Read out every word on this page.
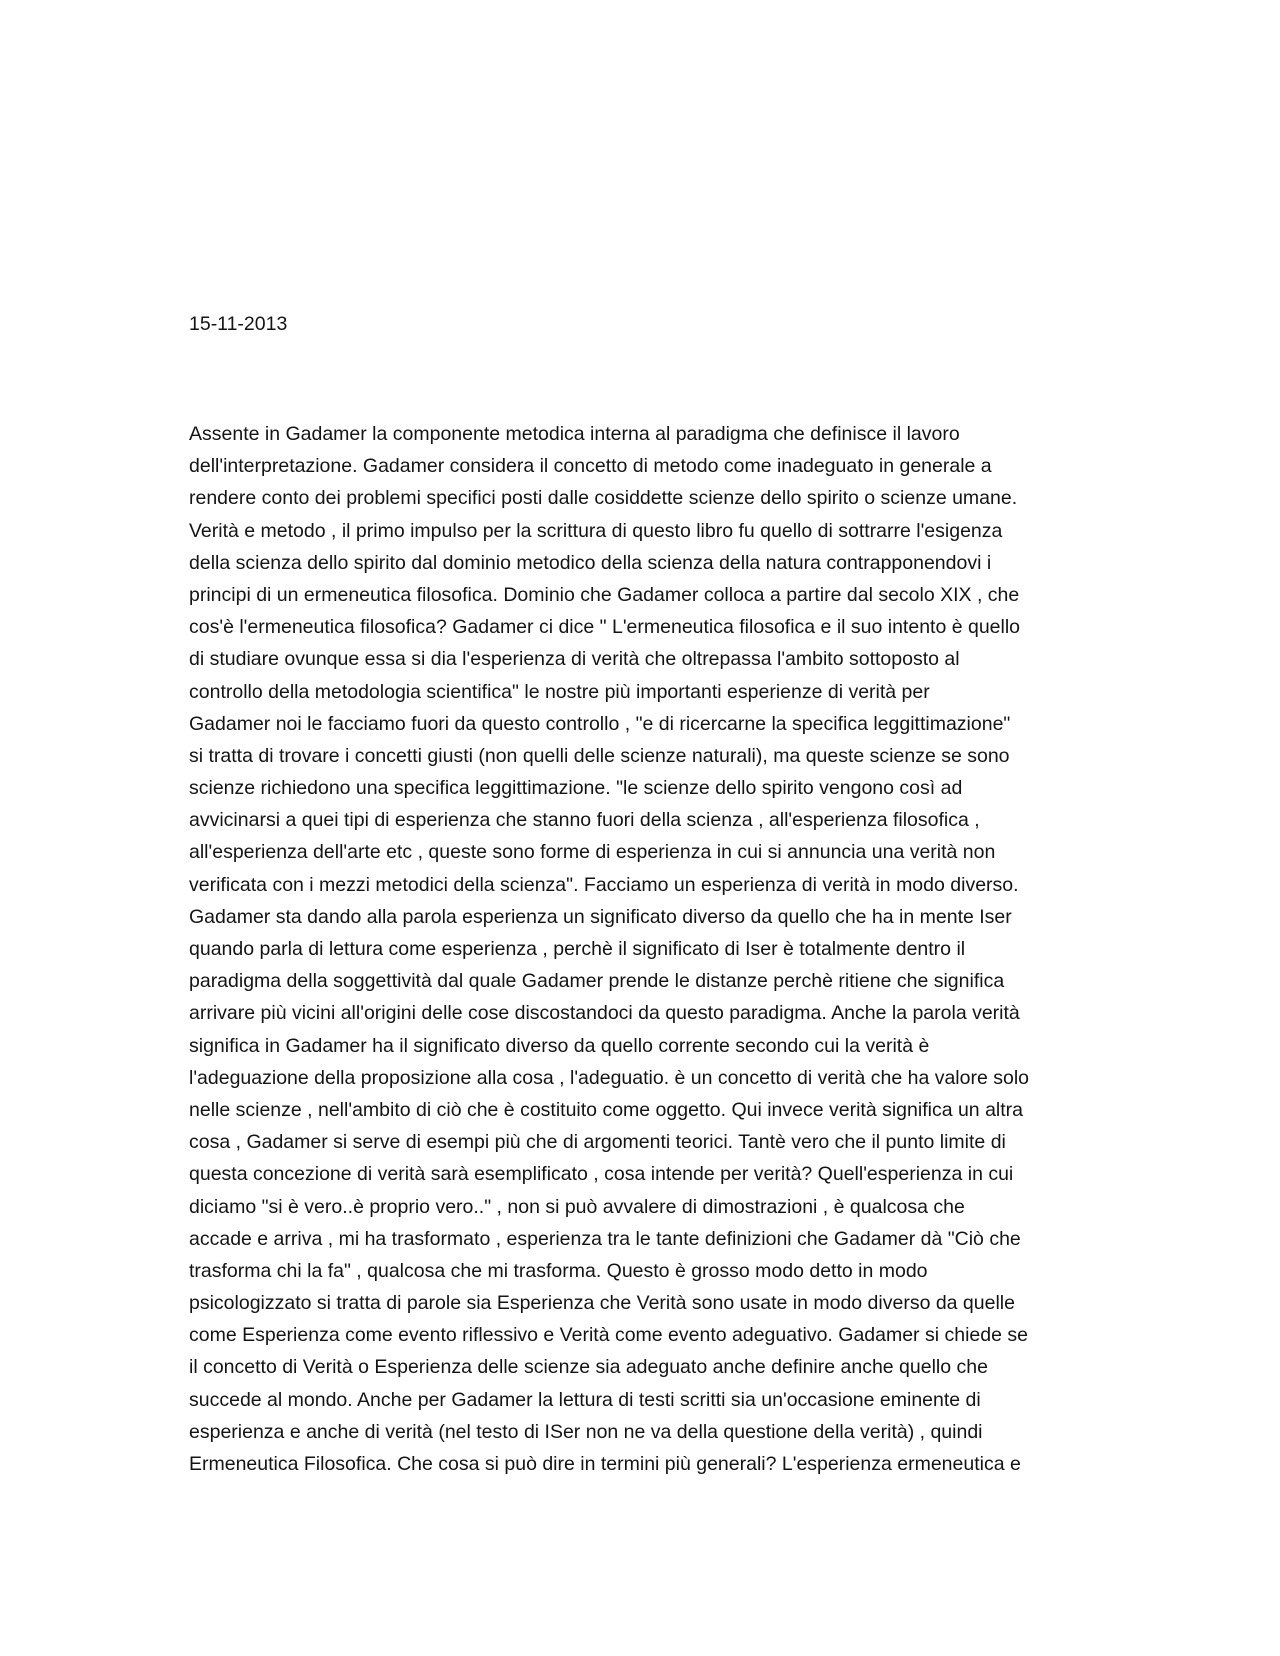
15-11-2013

Assente in Gadamer la componente metodica interna al paradigma che definisce il lavoro
dell'interpretazione. Gadamer considera il concetto di metodo come inadeguato in generale a
rendere conto dei problemi specifici posti dalle cosiddette scienze dello spirito o scienze umane.
Verità e metodo , il primo impulso per la scrittura di questo libro fu quello di sottrarre l'esigenza
della scienza dello spirito dal dominio metodico della scienza della natura contrapponendovi i
principi di un ermeneutica filosofica. Dominio che Gadamer colloca a partire dal secolo XIX , che
cos'è l'ermeneutica filosofica? Gadamer ci dice " L'ermeneutica filosofica e il suo intento è quello
di studiare ovunque essa si dia l'esperienza di verità che oltrepassa l'ambito sottoposto al
controllo della metodologia scientifica" le nostre più importanti esperienze di verità per
Gadamer noi le facciamo fuori da questo controllo , "e di ricercarne la specifica leggittimazione"
si tratta di trovare i concetti giusti (non quelli delle scienze naturali), ma queste scienze se sono
scienze richiedono una specifica leggittimazione. "le scienze dello spirito vengono così ad
avvicinarsi a quei tipi di esperienza che stanno fuori della scienza , all'esperienza filosofica ,
all'esperienza dell'arte etc , queste sono forme di esperienza in cui si annuncia una verità non
verificata con i mezzi metodici della scienza". Facciamo un esperienza di verità in modo diverso.
Gadamer sta dando alla parola esperienza un significato diverso da quello che ha in mente Iser
quando parla di lettura come esperienza , perchè il significato di Iser è totalmente dentro il
paradigma della soggettività dal quale Gadamer prende le distanze perchè ritiene che significa
arrivare più vicini all'origini delle cose discostandoci da questo paradigma. Anche la parola verità
significa in Gadamer ha il significato diverso da quello corrente secondo cui la verità è
l'adeguazione della proposizione alla cosa , l'adeguatio. è un concetto di verità che ha valore solo
nelle scienze , nell'ambito di ciò che è costituito come oggetto. Qui invece verità significa un altra
cosa , Gadamer si serve di esempi più che di argomenti teorici. Tantè vero che il punto limite di
questa concezione di verità sarà esemplificato , cosa intende per verità? Quell'esperienza in cui
diciamo "si è vero..è proprio vero.." , non si può avvalere di dimostrazioni , è qualcosa che
accade e arriva , mi ha trasformato , esperienza tra le tante definizioni che Gadamer dà "Ciò che
trasforma chi la fa" , qualcosa che mi trasforma. Questo è grosso modo detto in modo
psicologizzato si tratta di parole sia Esperienza che Verità sono usate in modo diverso da quelle
come Esperienza come evento riflessivo e Verità come evento adeguativo. Gadamer si chiede se
il concetto di Verità o Esperienza delle scienze sia adeguato anche definire anche quello che
succede al mondo. Anche per Gadamer la lettura di testi scritti sia un'occasione eminente di
esperienza e anche di verità (nel testo di ISer non ne va della questione della verità) , quindi
Ermeneutica Filosofica. Che cosa si può dire in termini più generali? L'esperienza ermeneutica e
